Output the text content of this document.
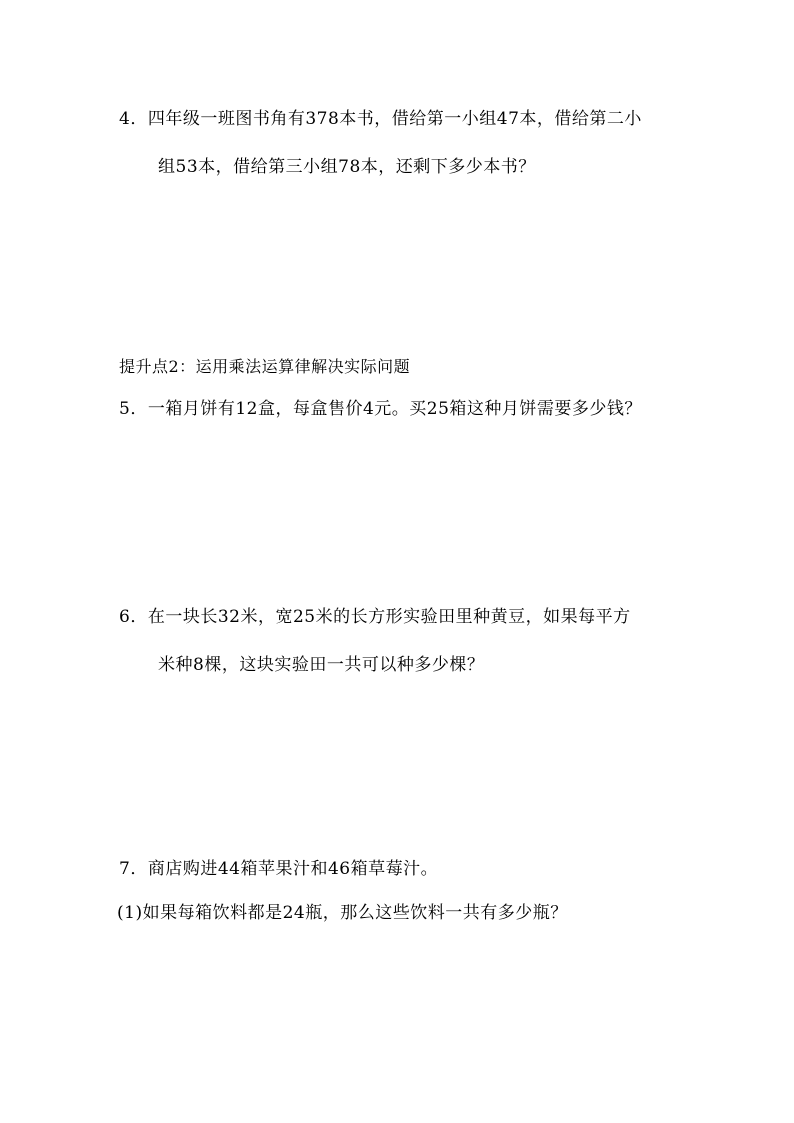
4．四年级一班图书角有378本书，借给第一小组47本，借给第二小
组53本，借给第三小组78本，还剩下多少本书？
提升点2：运用乘法运算律解决实际问题
5．一箱月饼有12盒，每盒售价4元。买25箱这种月饼需要多少钱？
6．在一块长32米，宽25米的长方形实验田里种黄豆，如果每平方
米种8棵，这块实验田一共可以种多少棵？
7．商店购进44箱苹果汁和46箱草莓汁。
(1)如果每箱饮料都是24瓶，那么这些饮料一共有多少瓶？
